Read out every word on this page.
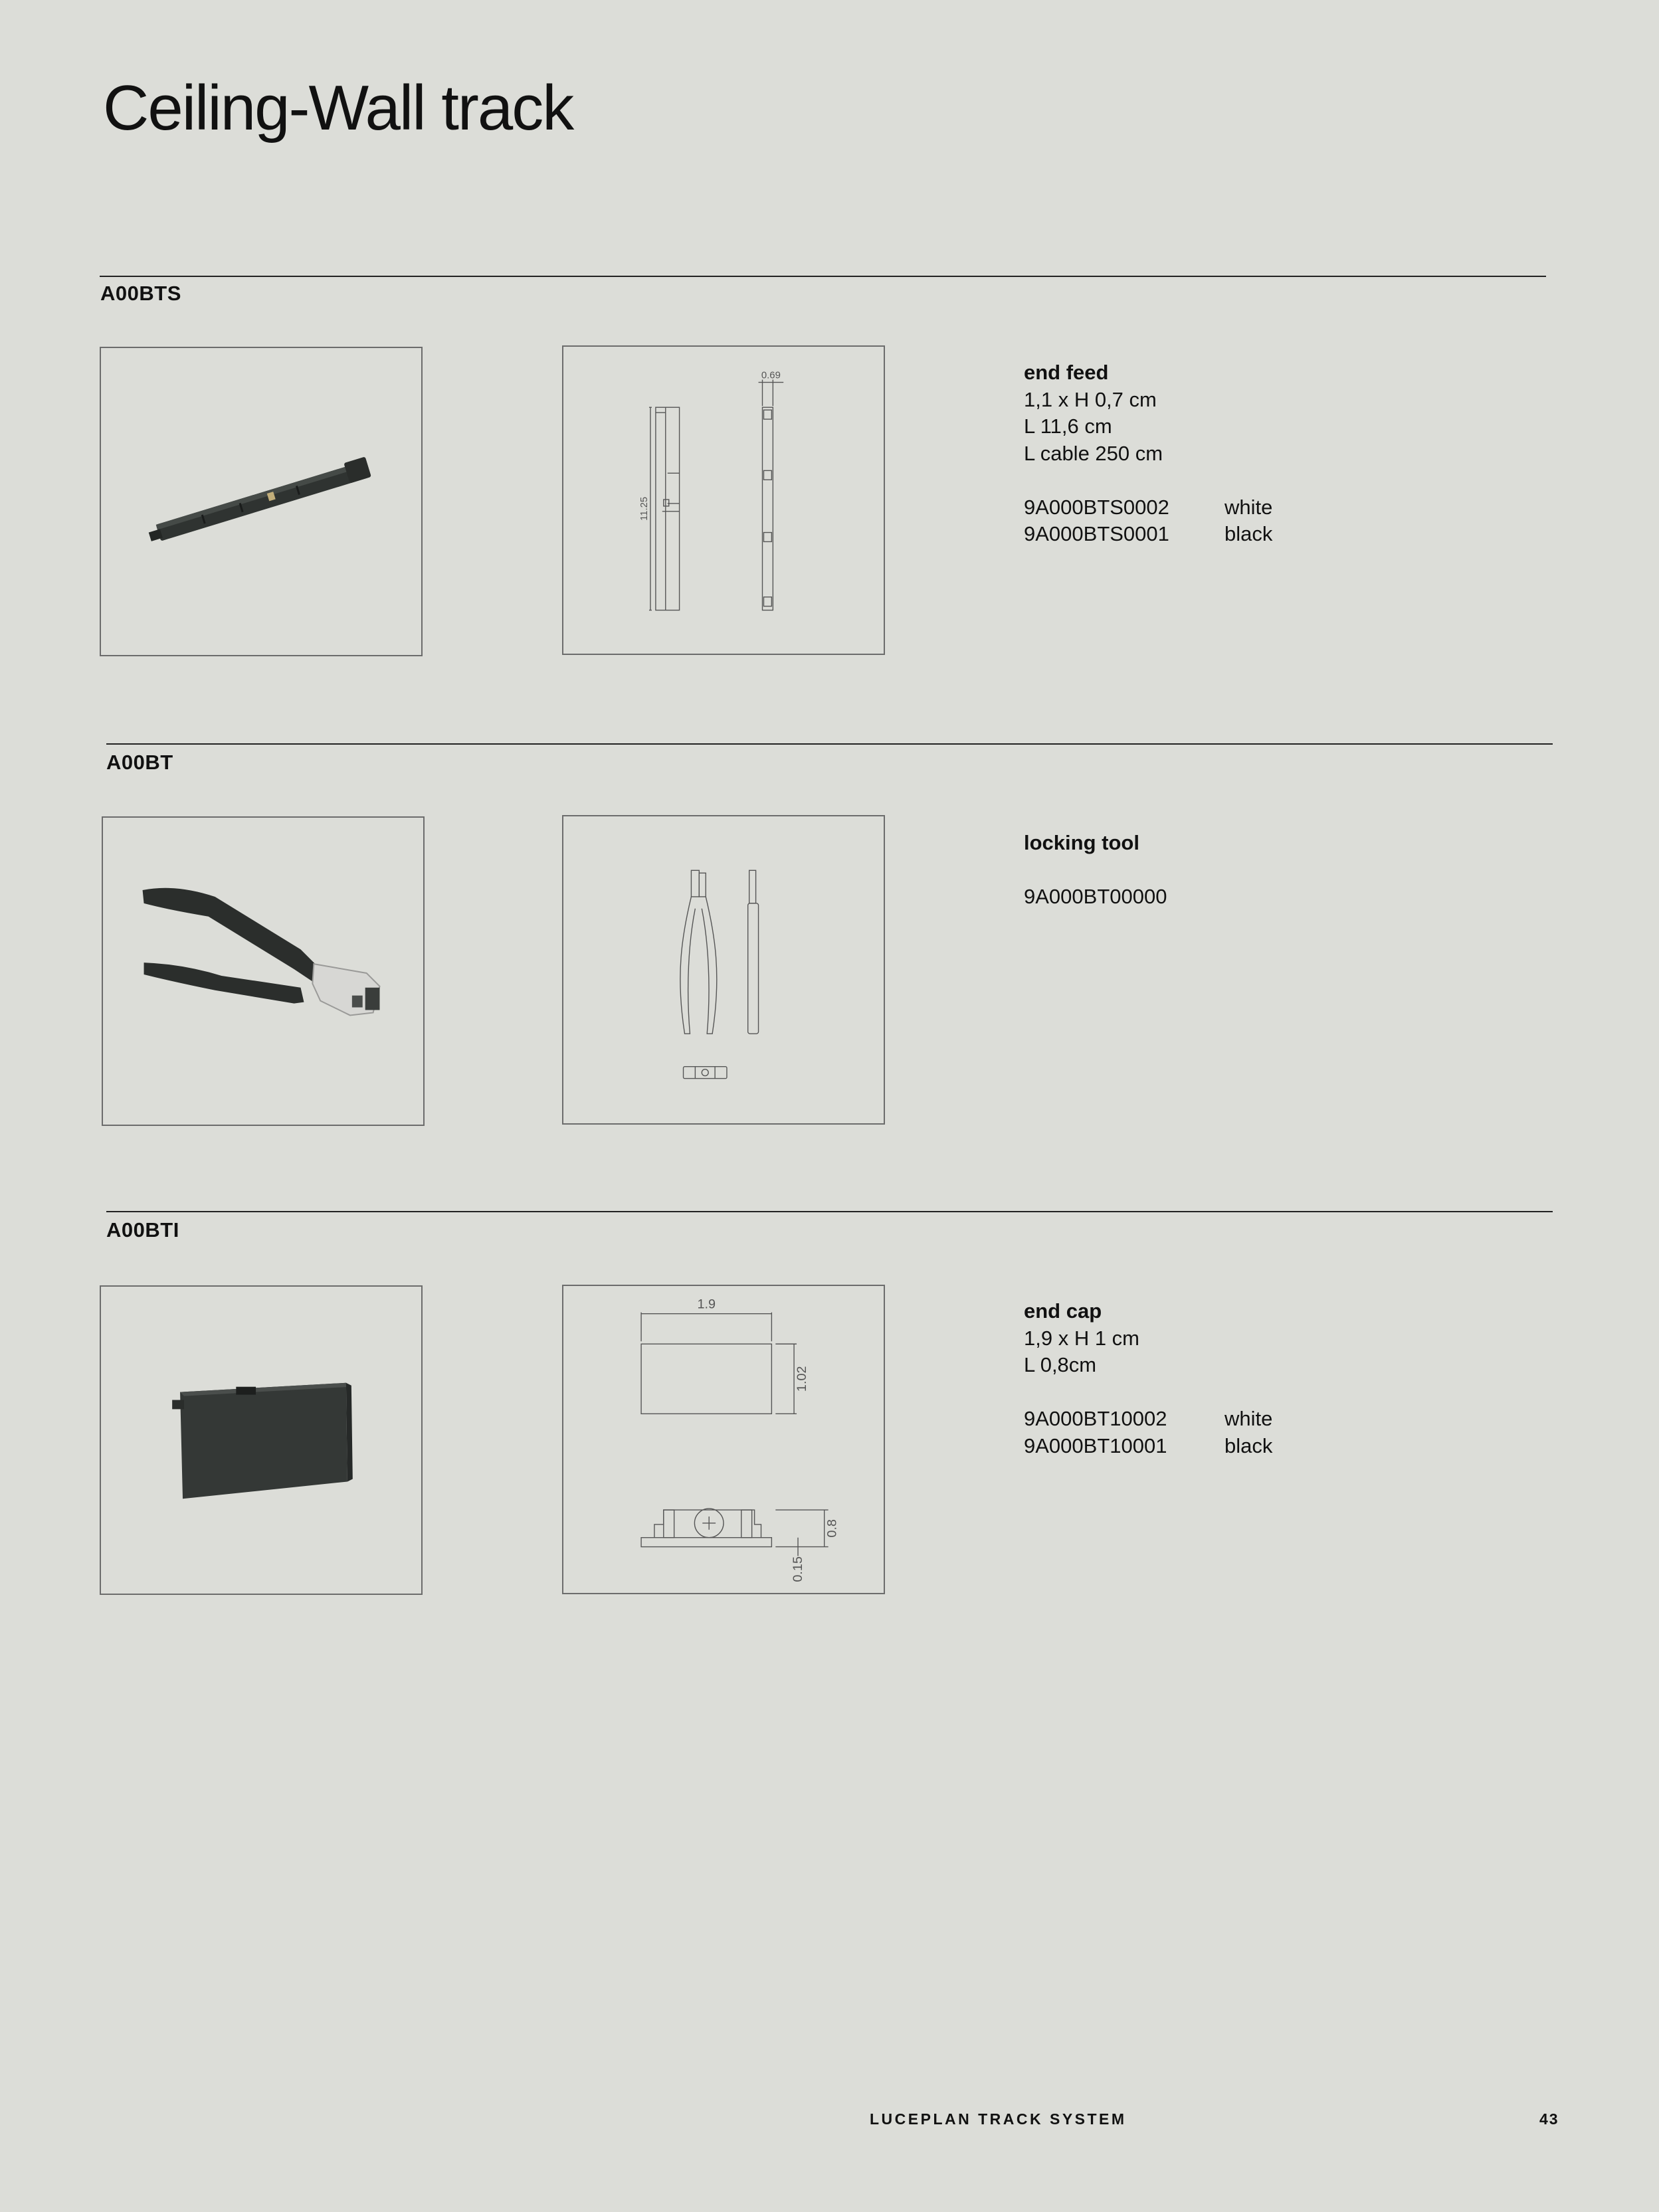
Ceiling-Wall track
A00BTS
0.69
11.25
end feed
1,1 x H 0,7 cm
L 11,6 cm
L cable 250 cm
9A000BTS0002	white
9A000BTS0001	black
A00BT
locking tool
9A000BT00000
A00BTI
1.9
1.02
0.8
0.15
end cap
1,9 x H 1 cm
L 0,8cm
9A000BT10002	white
9A000BT10001	black
LUCEPLAN TRACK SYSTEM	43
